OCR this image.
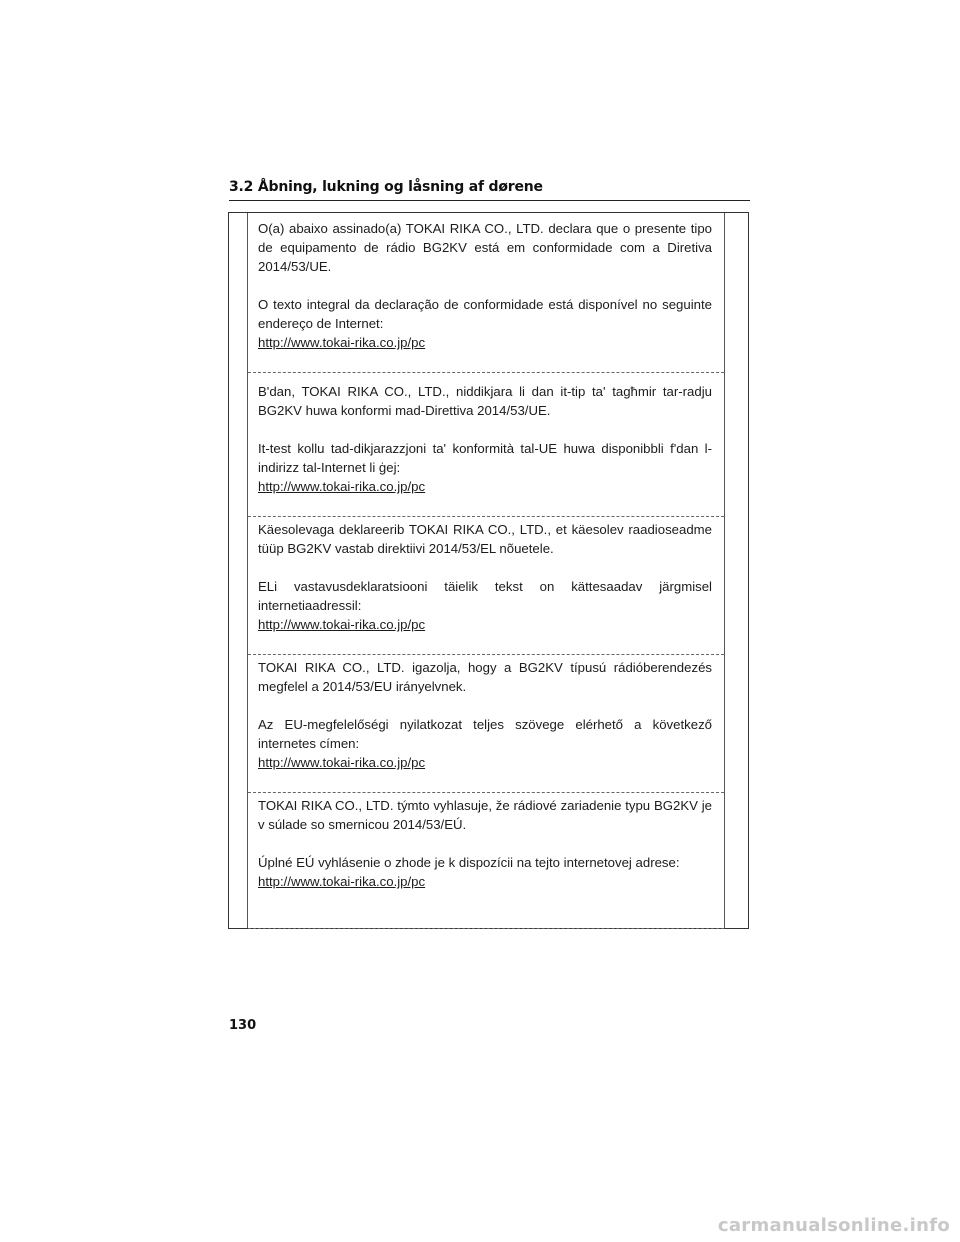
3.2 Åbning, lukning og låsning af dørene

O(a) abaixo assinado(a) TOKAI RIKA CO., LTD. declara que o presente tipo de equipamento de rádio BG2KV está em conformidade com a Diretiva 2014/53/UE.

O texto integral da declaração de conformidade está disponível no seguinte endereço de Internet:

http://www.tokai-rika.co.jp/pc

B'dan, TOKAI RIKA CO., LTD., niddikjara li dan it-tip ta' tagħmir tar-radju BG2KV huwa konformi mad-Direttiva 2014/53/UE.

It-test kollu tad-dikjarazzjoni ta' konformità tal-UE huwa disponibbli f'dan l-indirizz tal-Internet li ġej:

http://www.tokai-rika.co.jp/pc

Käesolevaga deklareerib TOKAI RIKA CO., LTD., et käesolev raadioseadme tüüp BG2KV vastab direktiivi 2014/53/EL nõuetele.

ELi vastavusdeklaratsiooni täielik tekst on kättesaadav järgmisel internetiaadressil:

http://www.tokai-rika.co.jp/pc

TOKAI RIKA CO., LTD. igazolja, hogy a BG2KV típusú rádióberendezés megfelel a 2014/53/EU irányelvnek.

Az EU-megfelelőségi nyilatkozat teljes szövege elérhető a következő internetes címen:

http://www.tokai-rika.co.jp/pc

TOKAI RIKA CO., LTD. týmto vyhlasuje, že rádiové zariadenie typu BG2KV je v súlade so smernicou 2014/53/EÚ.

Úplné EÚ vyhlásenie o zhode je k dispozícii na tejto internetovej adrese:

http://www.tokai-rika.co.jp/pc
130
carmanualsonline.info
